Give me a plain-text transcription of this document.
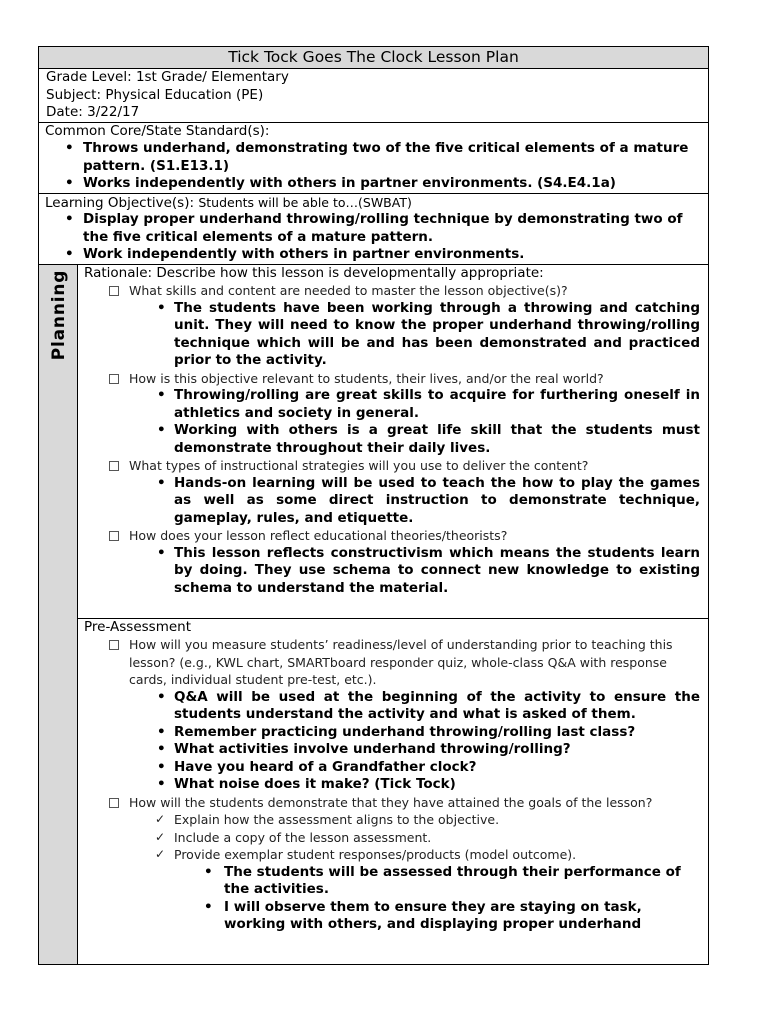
Tick Tock Goes The Clock Lesson Plan

Grade Level: 1st Grade/ Elementary
Subject: Physical Education (PE)
Date: 3/22/17

Common Core/State Standard(s):
• Throws underhand, demonstrating two of the five critical elements of a mature pattern. (S1.E13.1)
• Works independently with others in partner environments. (S4.E4.1a)

Learning Objective(s): Students will be able to…(SWBAT)
• Display proper underhand throwing/rolling technique by demonstrating two of the five critical elements of a mature pattern.
• Work independently with others in partner environments.

Planning	Rationale: Describe how this lesson is developmentally appropriate:
What skills and content are needed to master the lesson objective(s)?
• The students have been working through a throwing and catching unit. They will need to know the proper underhand throwing/rolling technique which will be and has been demonstrated and practiced prior to the activity.
How is this objective relevant to students, their lives, and/or the real world?
• Throwing/rolling are great skills to acquire for furthering oneself in athletics and society in general.
• Working with others is a great life skill that the students must demonstrate throughout their daily lives.
What types of instructional strategies will you use to deliver the content?
• Hands-on learning will be used to teach the how to play the games as well as some direct instruction to demonstrate technique, gameplay, rules, and etiquette.
How does your lesson reflect educational theories/theorists?
• This lesson reflects constructivism which means the students learn by doing. They use schema to connect new knowledge to existing schema to understand the material.

Pre-Assessment
How will you measure students’ readiness/level of understanding prior to teaching this lesson? (e.g., KWL chart, SMARTboard responder quiz, whole-class Q&A with response cards, individual student pre-test, etc.).
• Q&A will be used at the beginning of the activity to ensure the students understand the activity and what is asked of them.
• Remember practicing underhand throwing/rolling last class?
• What activities involve underhand throwing/rolling?
• Have you heard of a Grandfather clock?
• What noise does it make? (Tick Tock)
How will the students demonstrate that they have attained the goals of the lesson?
✓ Explain how the assessment aligns to the objective.
✓ Include a copy of the lesson assessment.
✓ Provide exemplar student responses/products (model outcome).
• The students will be assessed through their performance of the activities.
• I will observe them to ensure they are staying on task, working with others, and displaying proper underhand
